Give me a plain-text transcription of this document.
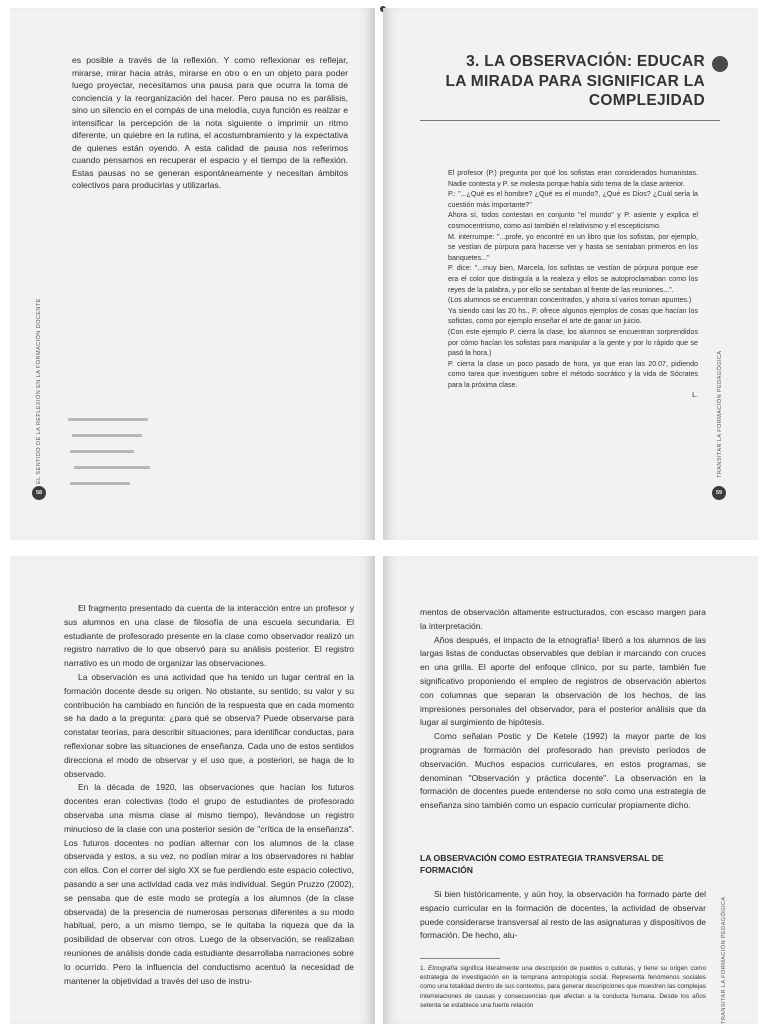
es posible a través de la reflexión. Y como reflexionar es reflejar, mirarse, mirar hacia atrás, mirarse en otro o en un objeto para poder luego proyectar, necesitamos una pausa para que ocurra la toma de conciencia y la reorganización del hacer. Pero pausa no es parálisis, sino un silencio en el compás de una melodía, cuya función es realzar e intensificar la percepción de la nota siguiente o imprimir un ritmo diferente, un quiebre en la rutina, el acostumbramiento y la expectativa de quienes están oyendo. A esta calidad de pausa nos referimos cuando pensamos en recuperar el espacio y el tiempo de la reflexión. Estas pausas no se generan espontáneamente y necesitan ámbitos colectivos para producirlas y utilizarlas.

EL SENTIDO DE LA REFLEXIÓN EN LA FORMACIÓN DOCENTE
58
3. LA OBSERVACIÓN: EDUCAR LA MIRADA PARA SIGNIFICAR LA COMPLEJIDAD

El profesor (P.) pregunta por qué los sofistas eran considerados humanistas. Nadie contesta y P. se molesta porque había sido tema de la clase anterior.

P.: "...¿Qué es el hombre? ¿Qué es el mundo?, ¿Qué es Dios? ¿Cuál sería la cuestión más importante?"

Ahora sí, todos contestan en conjunto "el mundo" y P. asiente y explica el cosmocentrismo, como así también el relativismo y el escepticismo.

M. interrumpe: "...profe, yo encontré en un libro que los sofistas, por ejemplo, se vestían de púrpura para hacerse ver y hasta se sentaban primeros en los banquetes..."

P. dice: "...muy bien, Marcela, los sofistas se vestían de púrpura porque ese era el color que distinguía a la realeza y ellos se autoproclamaban como los reyes de la palabra, y por ello se sentaban al frente de las reuniones...".

(Los alumnos se encuentran concentrados, y ahora sí varios toman apuntes.)

Ya siendo casi las 20 hs., P. ofrece algunos ejemplos de cosas que hacían los sofistas, como por ejemplo enseñar el arte de ganar un juicio.

(Con este ejemplo P. cierra la clase, los alumnos se encuentran sorprendidos por cómo hacían los sofistas para manipular a la gente y por lo rápido que se pasó la hora.)

P. cierra la clase un poco pasado de hora, ya que eran las 20.07, pidiendo como tarea que investiguen sobre el método socrático y la vida de Sócrates para la próxima clase.

L.	TRANSITAR LA FORMACIÓN PEDAGÓGICA
59

El fragmento presentado da cuenta de la interacción entre un profesor y sus alumnos en una clase de filosofía de una escuela secundaria. El estudiante de profesorado presente en la clase como observador realizó un registro narrativo de lo que observó para su análisis posterior. El registro narrativo es un modo de organizar las observaciones.

La observación es una actividad que ha tenido un lugar central en la formación docente desde su origen. No obstante, su sentido, su valor y su contribución ha cambiado en función de la respuesta que en cada momento se ha dado a la pregunta: ¿para qué se observa? Puede observarse para constatar teorías, para describir situaciones, para identificar conductas, para reflexionar sobre las situaciones de enseñanza. Cada uno de estos sentidos direcciona el modo de observar y el uso que, a posteriori, se haga de lo observado.

En la década de 1920, las observaciones que hacían los futuros docentes eran colectivas (todo el grupo de estudiantes de profesorado observaba una misma clase al mismo tiempo), llevándose un registro minucioso de la clase con una posterior sesión de "crítica de la enseñanza". Los futuros docentes no podían alternar con los alumnos de la clase observada y estos, a su vez, no podían mirar a los observadores ni hablar con ellos. Con el correr del siglo XX se fue perdiendo este espacio colectivo, pasando a ser una actividad cada vez más individual. Según Pruzzo (2002), se pensaba que de este modo se protegía a los alumnos (de la clase observada) de la presencia de numerosas personas diferentes a su modo habitual, pero, a un mismo tiempo, se le quitaba la riqueza que da la posibilidad de observar con otros. Luego de la observación, se realizaban reuniones de análisis donde cada estudiante desarrollaba narraciones sobre lo ocurrido. Pero la influencia del conductismo acentuó la necesidad de mantener la objetividad a través del uso de instru-

mentos de observación altamente estructurados, con escaso margen para la interpretación.

Años después, el impacto de la etnografía¹ liberó a los alumnos de las largas listas de conductas observables que debían ir marcando con cruces en una grilla. El aporte del enfoque clínico, por su parte, también fue significativo proponiendo el empleo de registros de observación abiertos con columnas que separan la observación de los hechos, de las impresiones personales del observador, para el posterior análisis que da lugar al surgimiento de hipótesis.

Como señalan Postic y De Ketele (1992) la mayor parte de los programas de formación del profesorado han previsto períodos de observación. Muchos espacios curriculares, en estos programas, se denominan "Observación y práctica docente". La observación en la formación de docentes puede entenderse no solo como una estrategia de enseñanza sino también como un espacio curricular propiamente dicho.

LA OBSERVACIÓN COMO ESTRATEGIA TRANSVERSAL DE FORMACIÓN

Si bien históricamente, y aún hoy, la observación ha formado parte del espacio curricular en la formación de docentes, la actividad de observar puede considerarse transversal al resto de las asignaturas y dispositivos de formación. De hecho, alu-

1. Etnografía significa literalmente una descripción de pueblos o culturas, y tiene su origen como estrategia de investigación en la temprana antropología social. Representa fenómenos sociales como una totalidad dentro de sus contextos, para generar descripciones que muestren las complejas interrelaciones de causas y consecuencias que afectan a la conducta humana. Desde los años setenta se establece una fuerte relación	TRANSITAR LA FORMACIÓN PEDAGÓGICA
